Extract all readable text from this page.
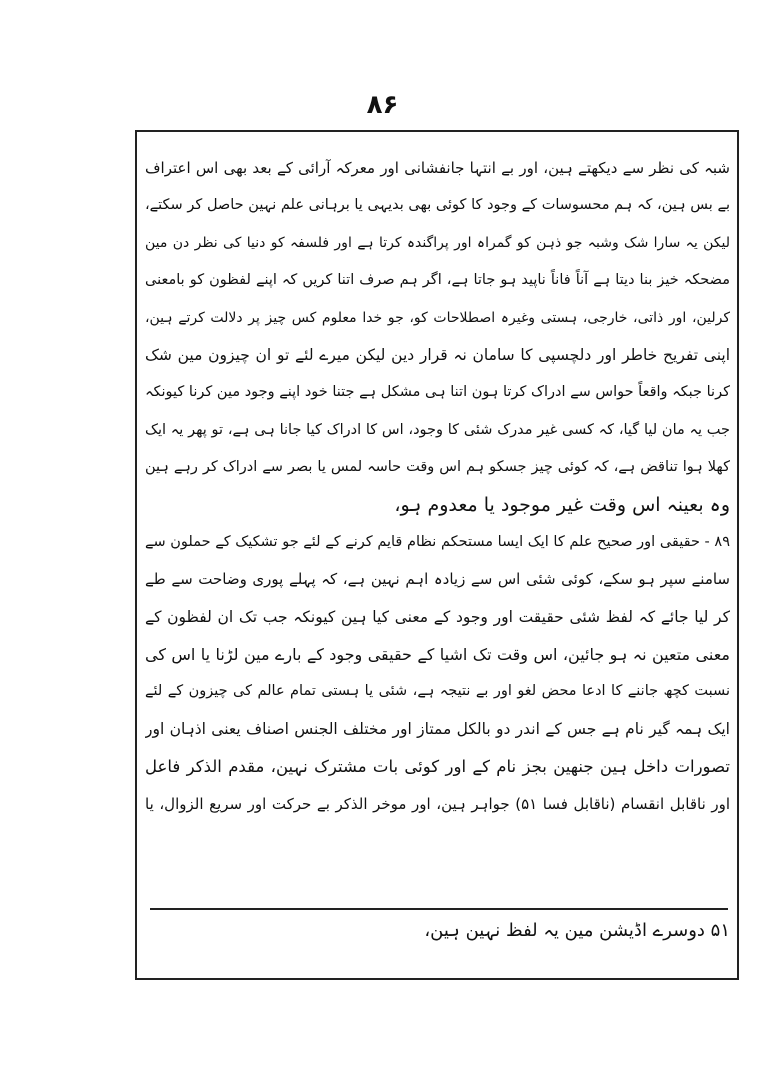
۸۶
شبہ کی نظر سے دیکھتے ہین، اور بے انتہا جانفشانی اور معرکہ آرائی کے بعد بھی اس اعتراف
بے بس ہین، کہ ہم محسوسات کے وجود کا کوئی بھی بدیہی یا برہانی علم نہین حاصل کر سکتے،
لیکن یہ سارا شک وشبہ جو ذہن کو گمراہ اور پراگندہ کرتا ہے اور فلسفہ کو دنیا کی نظر دن مین
مضحکہ خیز بنا دیتا ہے آناً فاناً ناپید ہو جاتا ہے، اگر ہم صرف اتنا کریں کہ اپنے لفظون کو بامعنی
کرلین، اور ذاتی، خارجی، ہستی وغیرہ اصطلاحات کو، جو خدا معلوم کس چیز پر دلالت کرتے ہین،
اپنی تفریح خاطر اور دلچسپی کا سامان نہ قرار دین لیکن میرے لئے تو ان چیزون مین شک
کرنا جبکہ واقعاً حواس سے ادراک کرتا ہون اتنا ہی مشکل ہے جتنا خود اپنے وجود مین کرنا کیونکہ
جب یہ مان لیا گیا، کہ کسی غیر مدرک شئی کا وجود، اس کا ادراک کیا جانا ہی ہے، تو پھر یہ ایک
کھلا ہوا تناقض ہے، کہ کوئی چیز جسکو ہم اس وقت حاسہ لمس یا بصر سے ادراک کر رہے ہین
وہ بعینہ اس وقت غیر موجود یا معدوم ہو،
۸۹ - حقیقی اور صحیح علم کا ایک ایسا مستحکم نظام قایم کرنے کے لئے جو تشکیک کے حملون سے
سامنے سپر ہو سکے، کوئی شئی اس سے زیادہ اہم نہین ہے، کہ پہلے پوری وضاحت سے طے
کر لیا جائے کہ لفظ شئی حقیقت اور وجود کے معنی کیا ہین کیونکہ جب تک ان لفظون کے
معنی متعین نہ ہو جائین، اس وقت تک اشیا کے حقیقی وجود کے بارے مین لڑنا یا اس کی
نسبت کچھ جاننے کا ادعا محض لغو اور بے نتیجہ ہے، شئی یا ہستی تمام عالم کی چیزون کے لئے
ایک ہمہ گیر نام ہے جس کے اندر دو بالکل ممتاز اور مختلف الجنس اصناف یعنی اذہان اور
تصورات داخل ہین جنھین بجز نام کے اور کوئی بات مشترک نہین، مقدم الذکر فاعل
اور ناقابل انقسام (ناقابل فسا ۵۱) جواہر ہین، اور موخر الذکر بے حرکت اور سریع الزوال، یا
۵۱ دوسرے اڈیشن مین یہ لفظ نہین ہین،
